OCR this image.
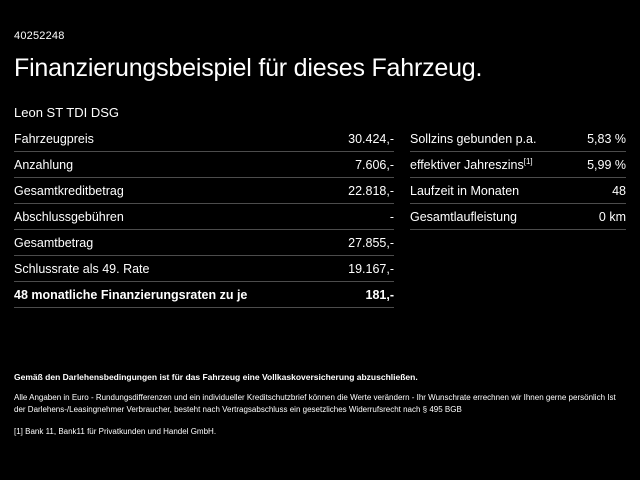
40252248
Finanzierungsbeispiel für dieses Fahrzeug.
Leon ST TDI DSG
Fahrzeugpreis	30.424,-
Anzahlung	7.606,-
Gesamtkreditbetrag	22.818,-
Abschlussgebühren	-
Gesamtbetrag	27.855,-
Schlussrate als 49. Rate	19.167,-
48 monatliche Finanzierungsraten zu je	181,-
Sollzins gebunden p.a.	5,83 %
effektiver Jahreszins[1]	5,99 %
Laufzeit in Monaten	48
Gesamtlaufleistung	0 km
Gemäß den Darlehensbedingungen ist für das Fahrzeug eine Vollkaskoversicherung abzuschließen.
Alle Angaben in Euro - Rundungsdifferenzen und ein individueller Kreditschutzbrief können die Werte verändern - Ihr Wunschrate errechnen wir Ihnen gerne persönlich Ist der Darlehens-/Leasingnehmer Verbraucher, besteht nach Vertragsabschluss ein gesetzliches Widerrufsrecht nach § 495 BGB
[1] Bank 11, Bank11 für Privatkunden und Handel GmbH.
